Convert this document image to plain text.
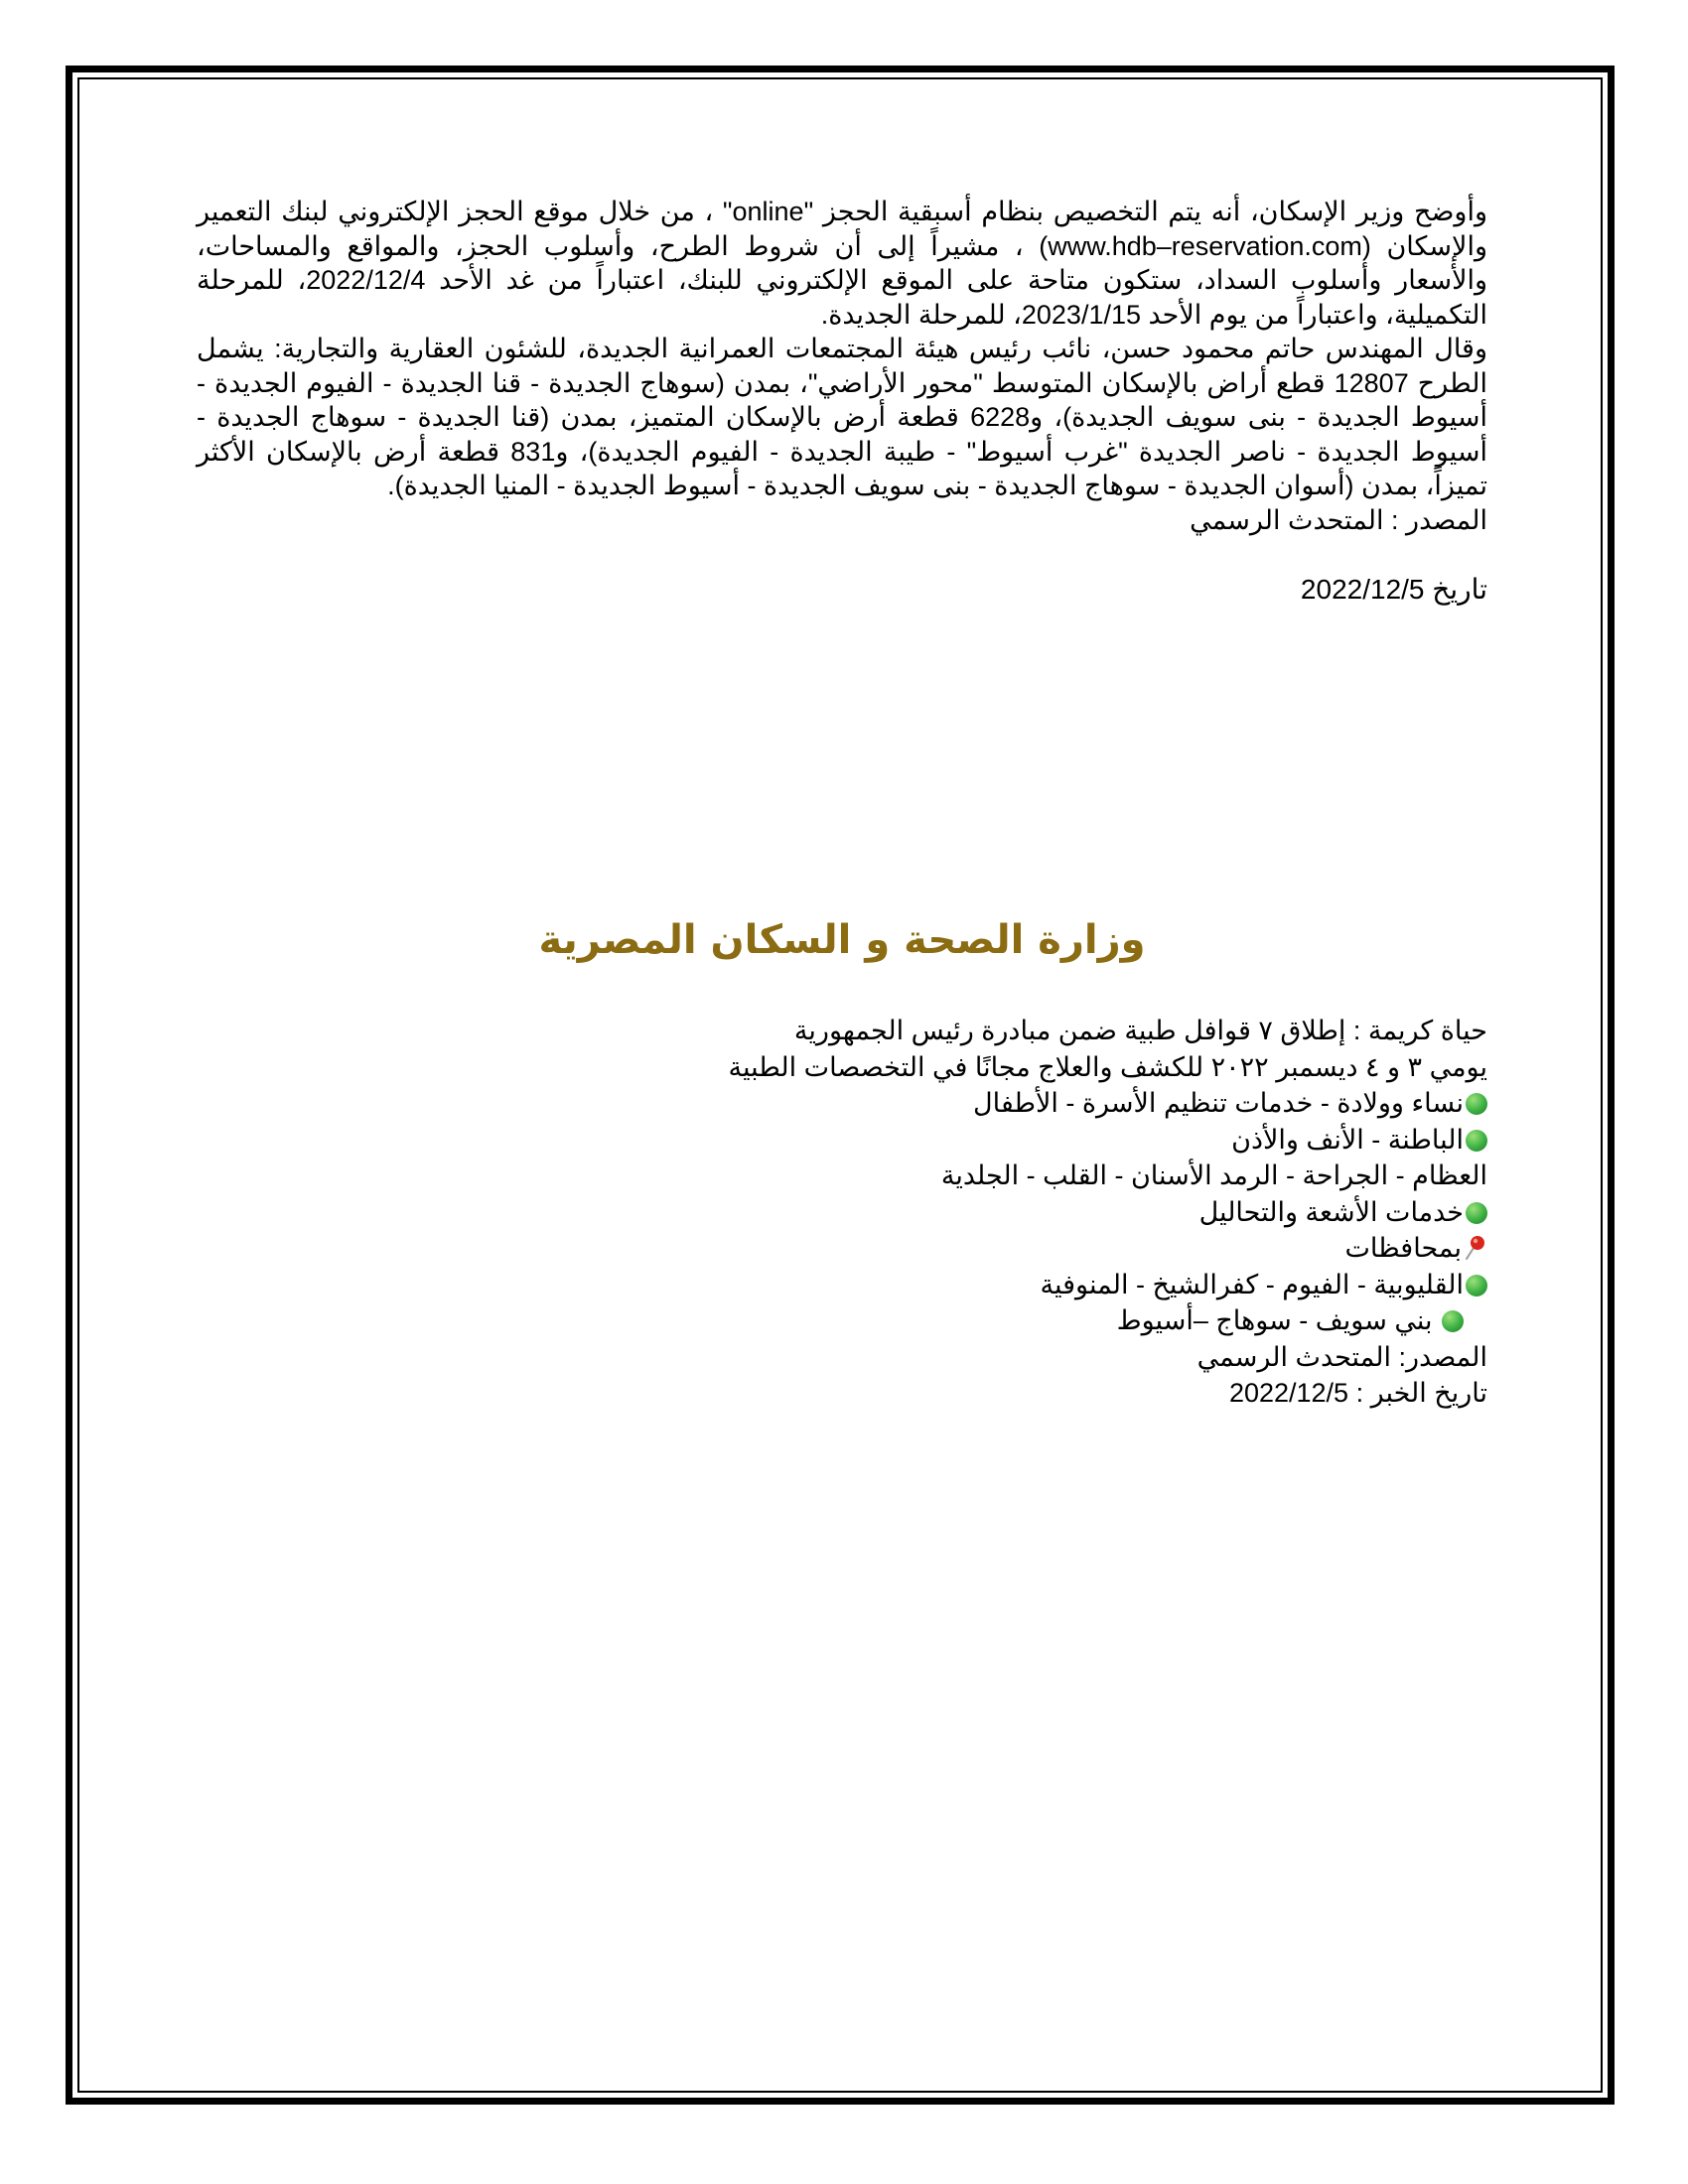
وأوضح وزير الإسكان، أنه يتم التخصيص بنظام أسبقية الحجز "online" ، من خلال موقع الحجز الإلكتروني لبنك التعمير والإسكان (www.hdb–reservation.com) ، مشيراً إلى أن شروط الطرح، وأسلوب الحجز، والمواقع والمساحات، والأسعار وأسلوب السداد، ستكون متاحة على الموقع الإلكتروني للبنك، اعتباراً من غد الأحد 2022/12/4، للمرحلة التكميلية، واعتباراً من يوم الأحد 2023/1/15، للمرحلة الجديدة.

وقال المهندس حاتم محمود حسن، نائب رئيس هيئة المجتمعات العمرانية الجديدة، للشئون العقارية والتجارية: يشمل الطرح 12807 قطع أراض بالإسكان المتوسط "محور الأراضي"، بمدن (سوهاج الجديدة - قنا الجديدة - الفيوم الجديدة - أسيوط الجديدة - بنى سويف الجديدة)، و6228 قطعة أرض بالإسكان المتميز، بمدن (قنا الجديدة - سوهاج الجديدة - أسيوط الجديدة - ناصر الجديدة "غرب أسيوط" - طيبة الجديدة - الفيوم الجديدة)، و831 قطعة أرض بالإسكان الأكثر تميزاً، بمدن (أسوان الجديدة - سوهاج الجديدة - بنى سويف الجديدة - أسيوط الجديدة - المنيا الجديدة).

المصدر : المتحدث الرسمي
تاريخ 2022/12/5
وزارة الصحة و السكان المصرية
حياة كريمة : إطلاق ٧ قوافل طبية ضمن مبادرة رئيس الجمهورية
يومي ٣ و ٤ ديسمبر ٢٠٢٢ للكشف والعلاج مجانًا في التخصصات الطبية
نساء وولادة - خدمات تنظيم الأسرة - الأطفال
الباطنة - الأنف والأذن
العظام - الجراحة - الرمد الأسنان - القلب - الجلدية
خدمات الأشعة والتحاليل
بمحافظات
القليوبية - الفيوم - كفرالشيخ - المنوفية
بني سويف - سوهاج –أسيوط
المصدر: المتحدث الرسمي
تاريخ الخبر : 2022/12/5
